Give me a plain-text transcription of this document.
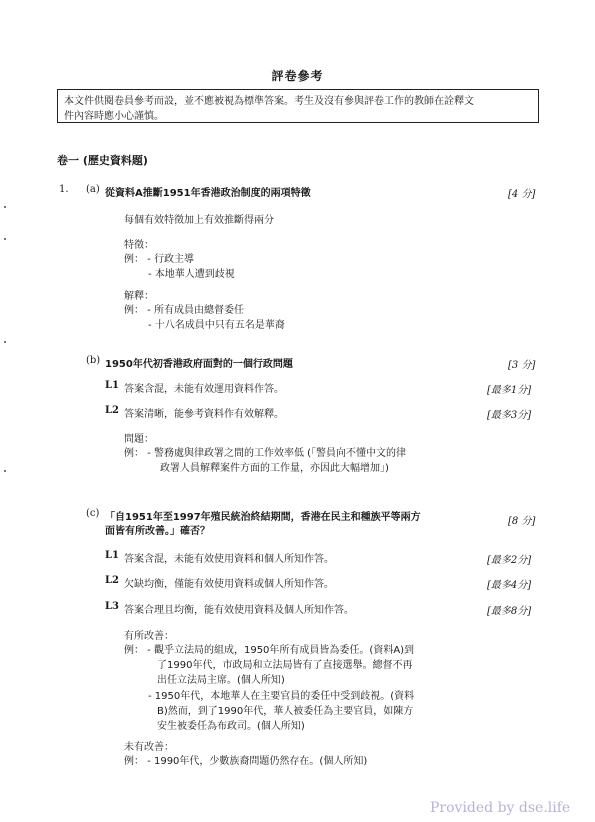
評卷參考
本文件供閱卷員參考而設，並不應被視為標準答案。考生及沒有參與評卷工作的教師在詮釋文
件內容時應小心謹慎。
卷一 (歷史資料題)
1. (a) 從資料A推斷1951年香港政治制度的兩項特徵	[4 分]
每個有效特徵加上有效推斷得兩分
特徵：
例： - 行政主導
- 本地華人遭到歧視
解釋：
例： - 所有成員由總督委任
- 十八名成員中只有五名是華裔
(b) 1950年代初香港政府面對的一個行政問題	[3 分]
L1 答案含混，未能有效運用資料作答。	[最多1分]
L2 答案清晰，能參考資料作有效解釋。	[最多3分]
問題：
例： - 警務處與律政署之間的工作效率低 (「警員向不懂中文的律
政署人員解釋案件方面的工作量，亦因此大幅增加」)
(c) 「自1951年至1997年殖民統治終結期間，香港在民主和種族平等兩方
面皆有所改善。」確否？
[8 分]
L1 答案含混，未能有效使用資料和個人所知作答。	[最多2分]
L2 欠缺均衡，僅能有效使用資料或個人所知作答。	[最多4分]
L3 答案合理且均衡，能有效使用資料及個人所知作答。	[最多8分]
有所改善：
例： - 觀乎立法局的組成，1950年所有成員皆為委任。(資料A)到
了1990年代，市政局和立法局皆有了直接選舉。總督不再
出任立法局主席。(個人所知)
- 1950年代，本地華人在主要官員的委任中受到歧視。(資料
B)然而，到了1990年代，華人被委任為主要官員，如陳方
安生被委任為布政司。(個人所知)
未有改善：
例： - 1990年代，少數族裔問題仍然存在。(個人所知)
Provided by dse.life
